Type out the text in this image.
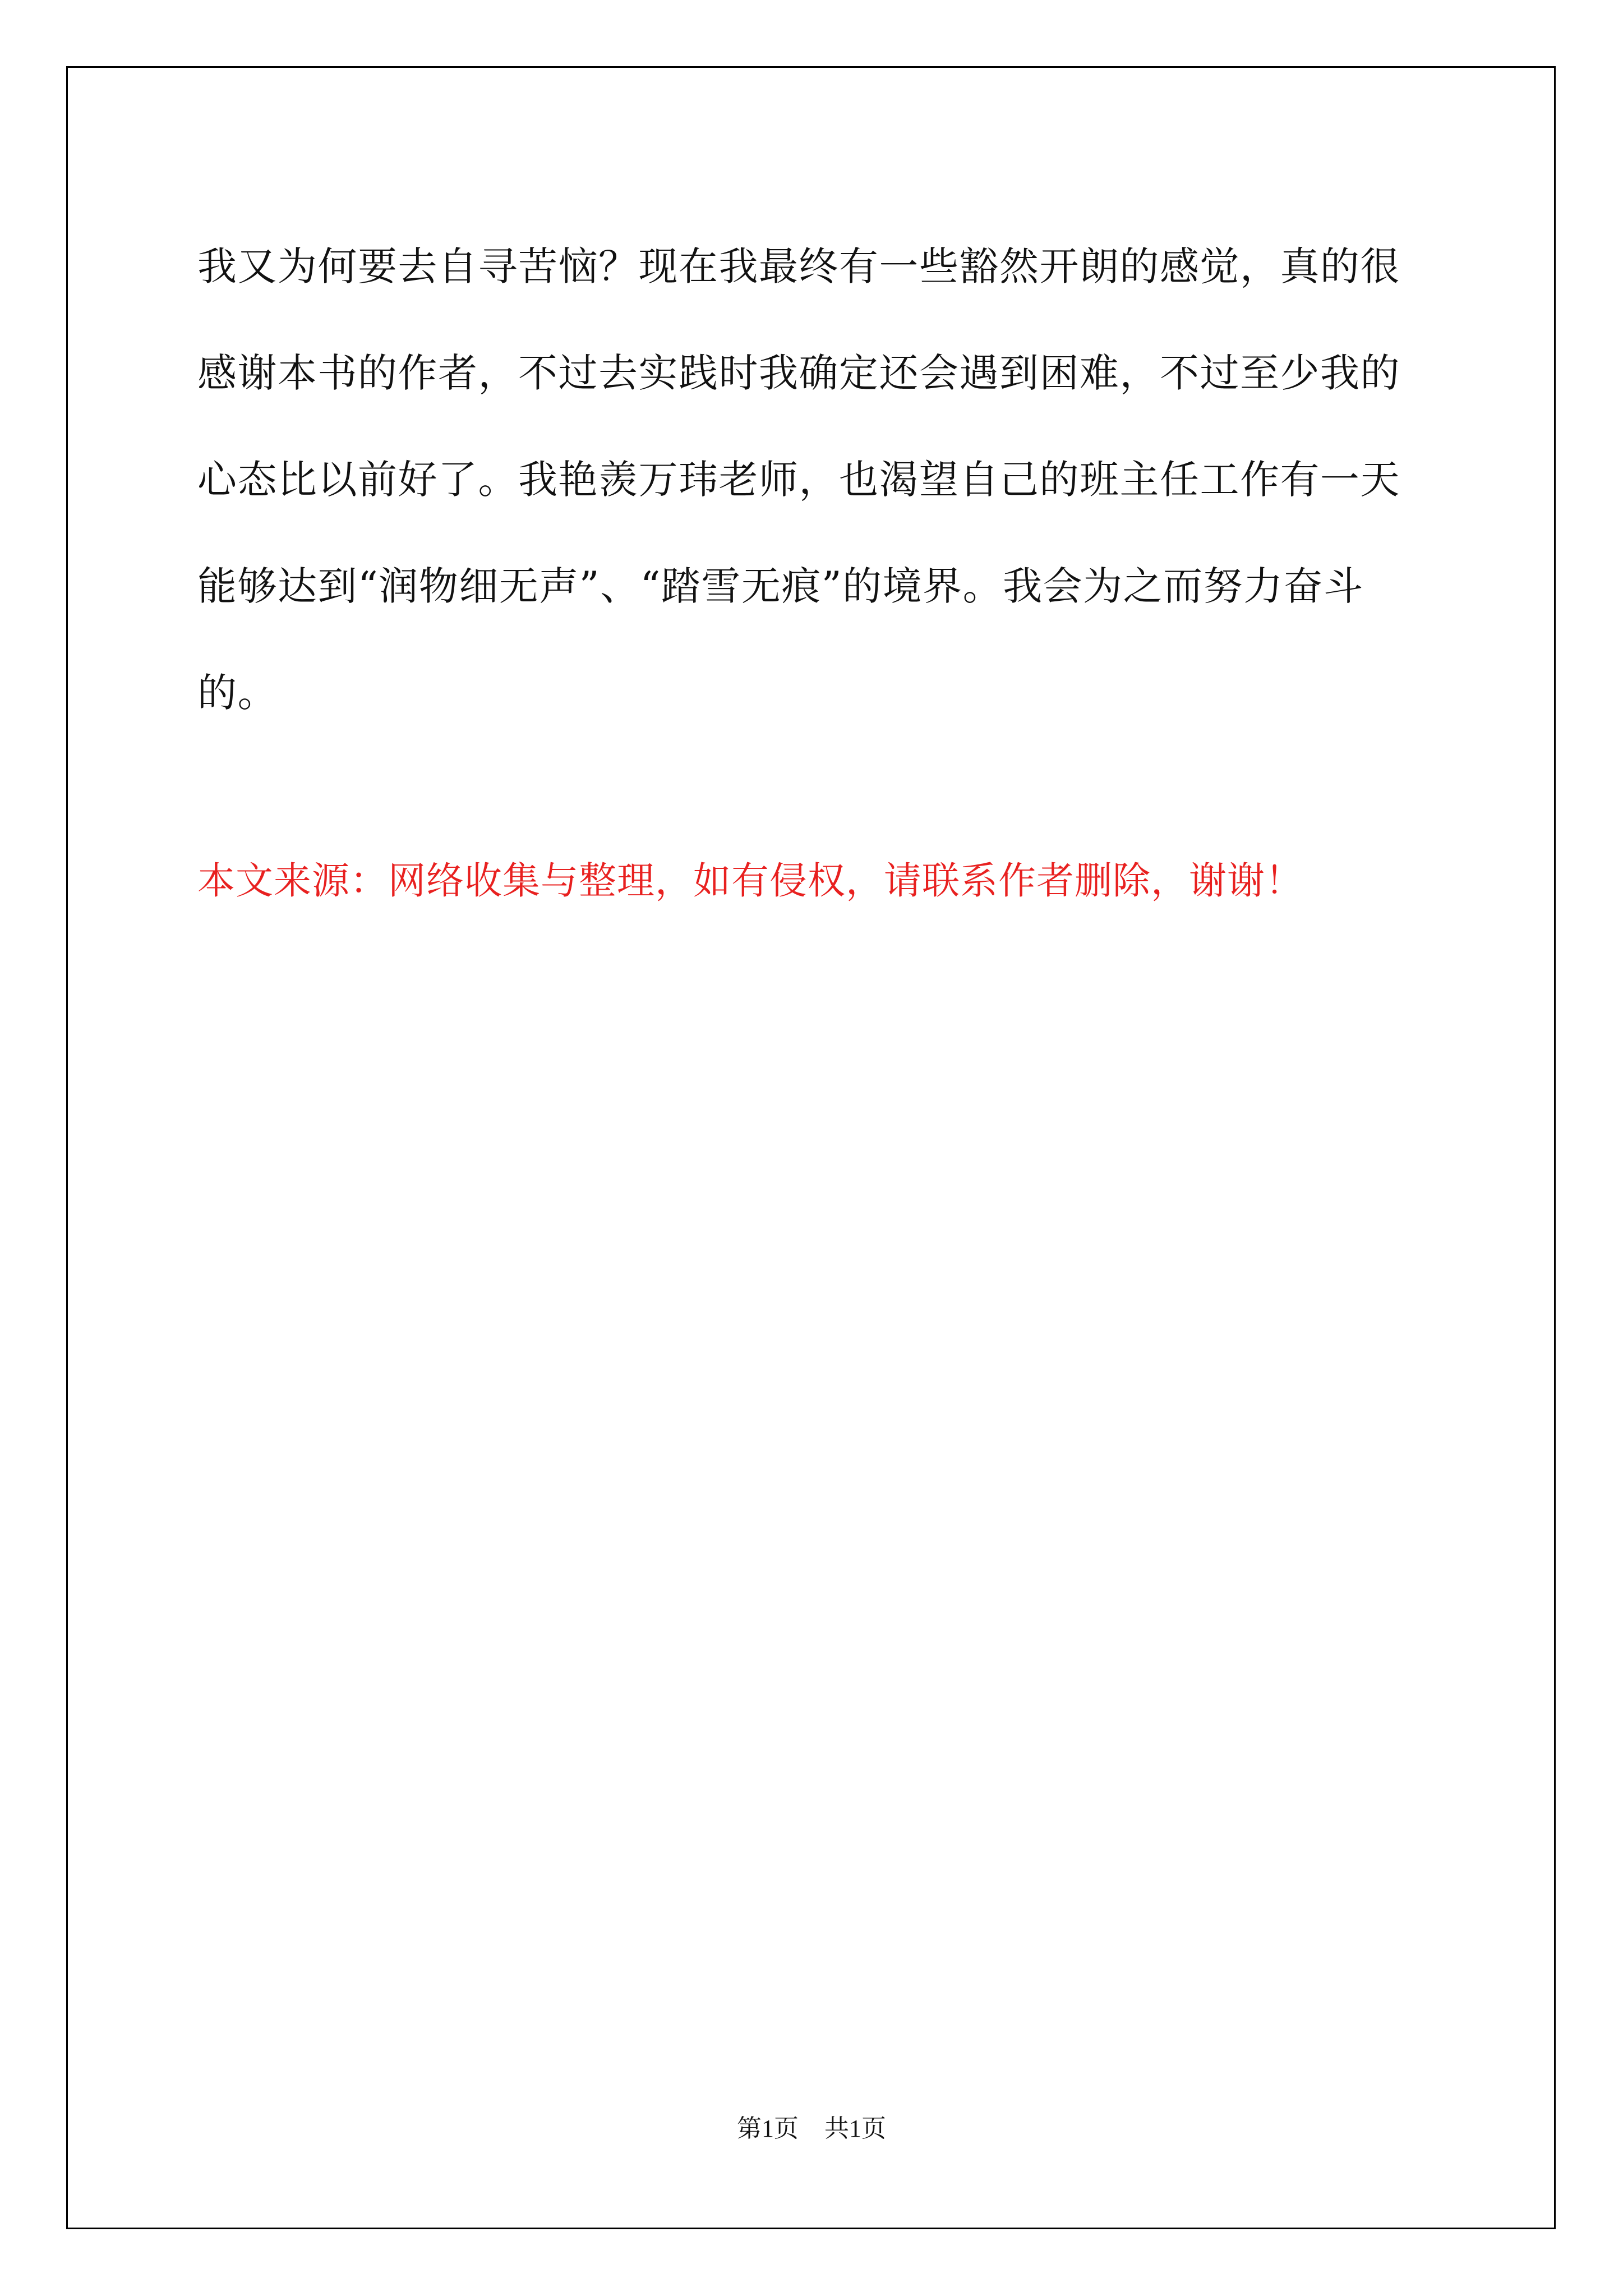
我又为何要去自寻苦恼？现在我最终有一些豁然开朗的感觉，真的很
感谢本书的作者，不过去实践时我确定还会遇到困难，不过至少我的
心态比以前好了。我艳羡万玮老师，也渴望自己的班主任工作有一天
能够达到“润物细无声”、“踏雪无痕”的境界。我会为之而努力奋斗
的。
本文来源：网络收集与整理，如有侵权，请联系作者删除，谢谢！
第1页 共1页
